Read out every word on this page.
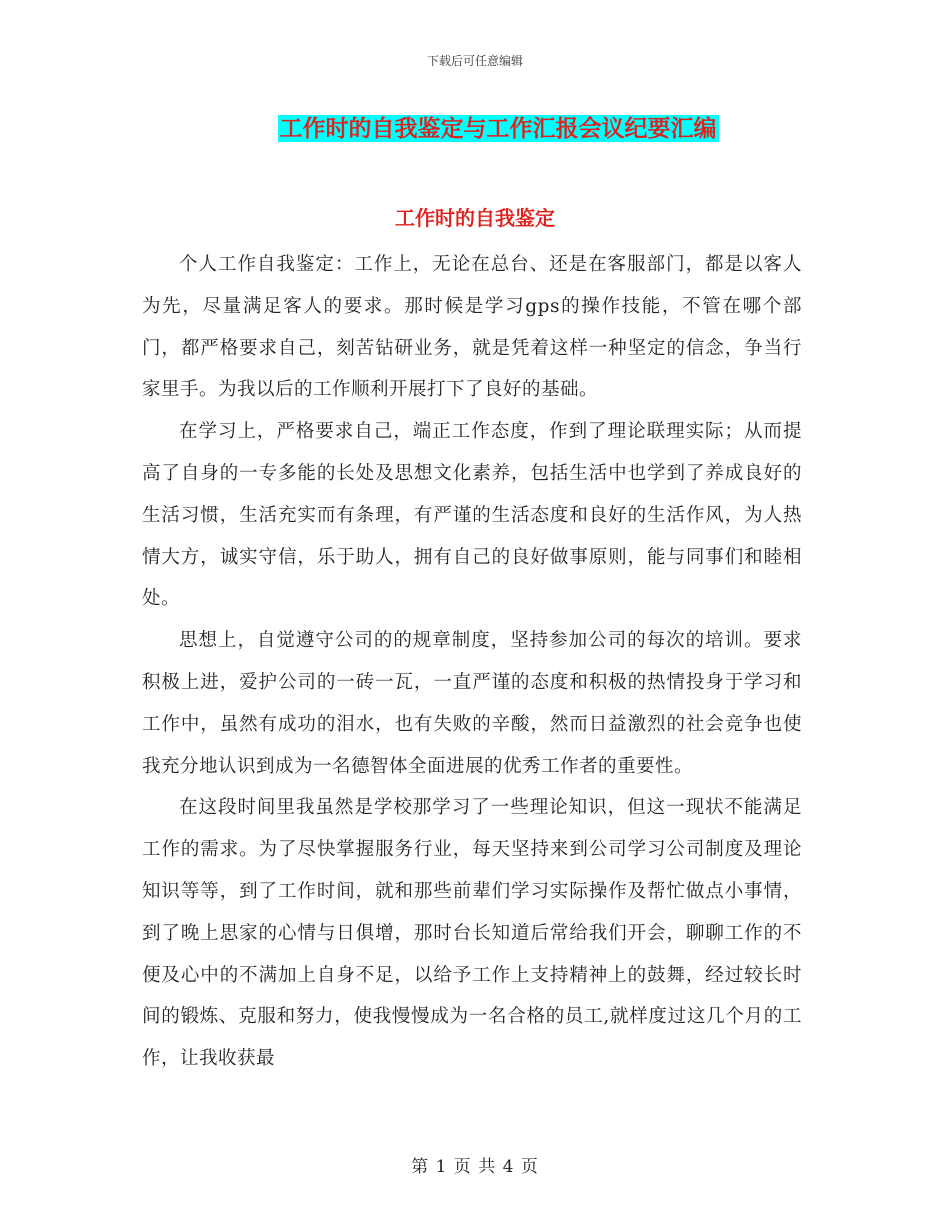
下载后可任意编辑
工作时的自我鉴定与工作汇报会议纪要汇编
工作时的自我鉴定

个人工作自我鉴定：工作上，无论在总台、还是在客服部门，都是以客人为先，尽量满足客人的要求。那时候是学习gps的操作技能，不管在哪个部门，都严格要求自己，刻苦钻研业务，就是凭着这样一种坚定的信念，争当行家里手。为我以后的工作顺利开展打下了良好的基础。

在学习上，严格要求自己，端正工作态度，作到了理论联理实际；从而提高了自身的一专多能的长处及思想文化素养，包括生活中也学到了养成良好的生活习惯，生活充实而有条理，有严谨的生活态度和良好的生活作风，为人热情大方，诚实守信，乐于助人，拥有自己的良好做事原则，能与同事们和睦相处。

思想上，自觉遵守公司的的规章制度，坚持参加公司的每次的培训。要求积极上进，爱护公司的一砖一瓦，一直严谨的态度和积极的热情投身于学习和工作中，虽然有成功的泪水，也有失败的辛酸，然而日益激烈的社会竞争也使我充分地认识到成为一名德智体全面进展的优秀工作者的重要性。

在这段时间里我虽然是学校那学习了一些理论知识，但这一现状不能满足工作的需求。为了尽快掌握服务行业，每天坚持来到公司学习公司制度及理论知识等等，到了工作时间，就和那些前辈们学习实际操作及帮忙做点小事情，到了晚上思家的心情与日俱增，那时台长知道后常给我们开会，聊聊工作的不便及心中的不满加上自身不足，以给予工作上支持精神上的鼓舞，经过较长时间的锻炼、克服和努力，使我慢慢成为一名合格的员工,就样度过这几个月的工作，让我收获最

第 1 页 共 4 页
